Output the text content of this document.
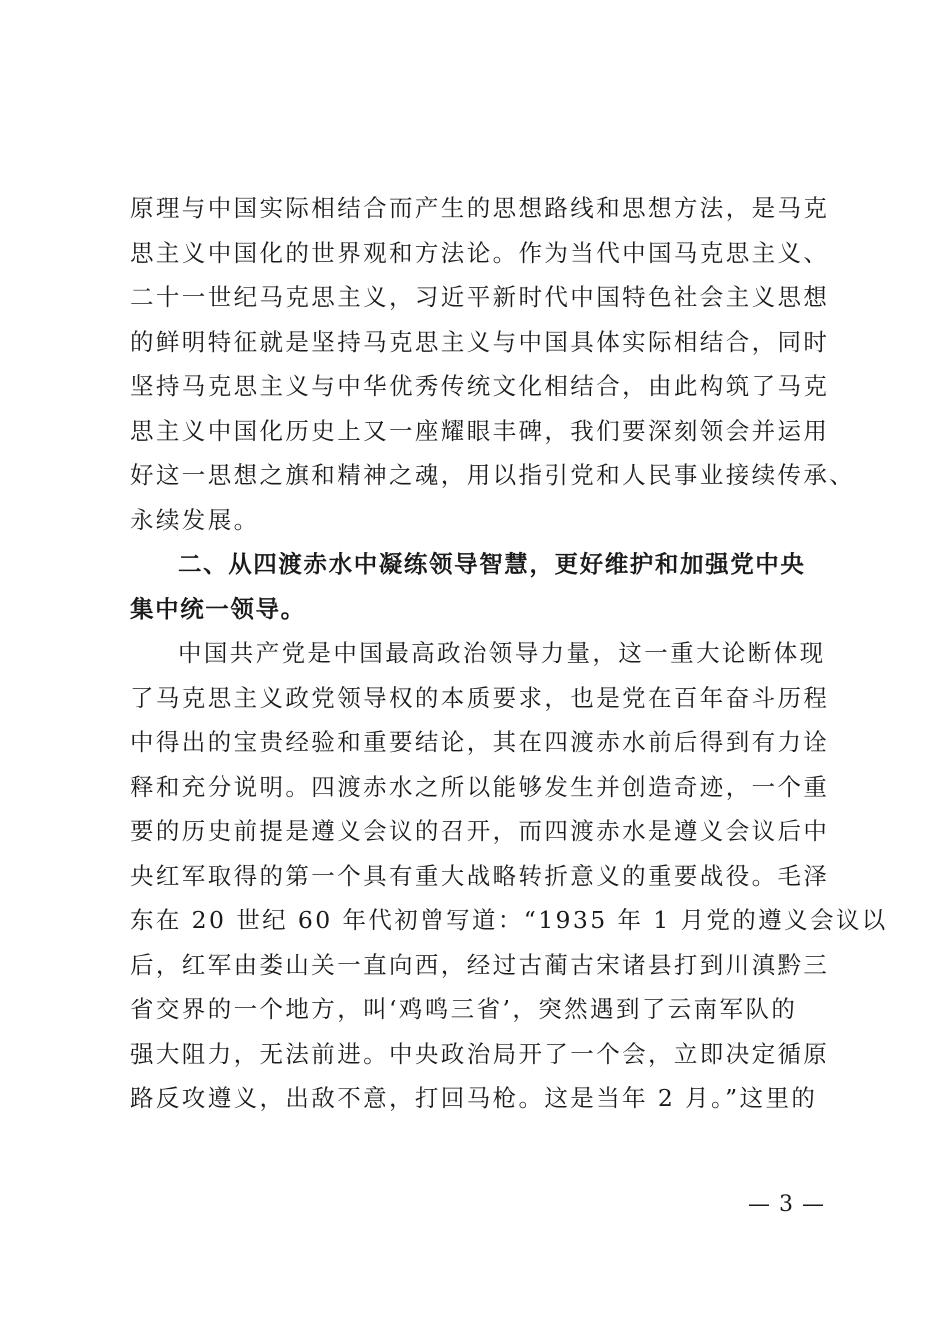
原理与中国实际相结合而产生的思想路线和思想方法，是马克
思主义中国化的世界观和方法论。作为当代中国马克思主义、
二十一世纪马克思主义，习近平新时代中国特色社会主义思想
的鲜明特征就是坚持马克思主义与中国具体实际相结合，同时
坚持马克思主义与中华优秀传统文化相结合，由此构筑了马克
思主义中国化历史上又一座耀眼丰碑，我们要深刻领会并运用
好这一思想之旗和精神之魂，用以指引党和人民事业接续传承、
永续发展。
二、从四渡赤水中凝练领导智慧，更好维护和加强党中央
集中统一领导。
中国共产党是中国最高政治领导力量，这一重大论断体现
了马克思主义政党领导权的本质要求，也是党在百年奋斗历程
中得出的宝贵经验和重要结论，其在四渡赤水前后得到有力诠
释和充分说明。四渡赤水之所以能够发生并创造奇迹，一个重
要的历史前提是遵义会议的召开，而四渡赤水是遵义会议后中
央红军取得的第一个具有重大战略转折意义的重要战役。毛泽
东在 20 世纪 60 年代初曾写道：“1935 年 1 月党的遵义会议以
后，红军由娄山关一直向西，经过古蔺古宋诸县打到川滇黔三
省交界的一个地方，叫‘鸡鸣三省’，突然遇到了云南军队的
强大阻力，无法前进。中央政治局开了一个会，立即决定循原
路反攻遵义，出敌不意，打回马枪。这是当年 2 月。”这里的
— 3 —
